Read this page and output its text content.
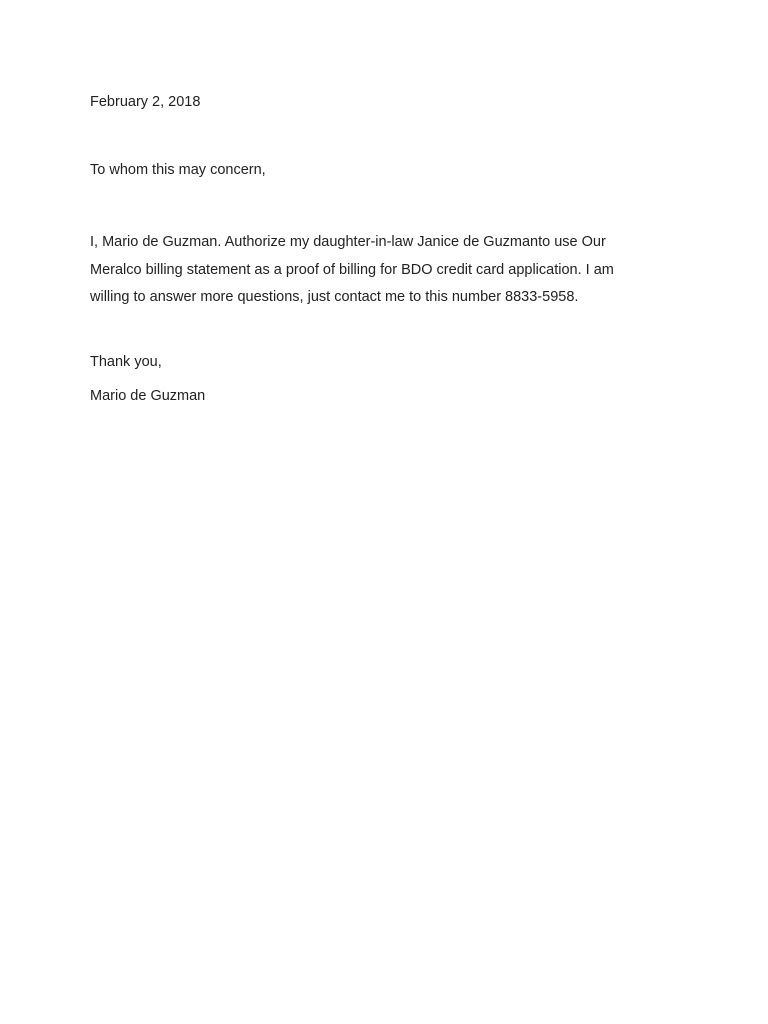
February 2, 2018
To whom this may concern,

I, Mario de Guzman. Authorize my daughter-in-law Janice de Guzmanto use Our
Meralco billing statement as a proof of billing for BDO credit card application. I am
willing to answer more questions, just contact me to this number 8833-5958.

Thank you,
Mario de Guzman
